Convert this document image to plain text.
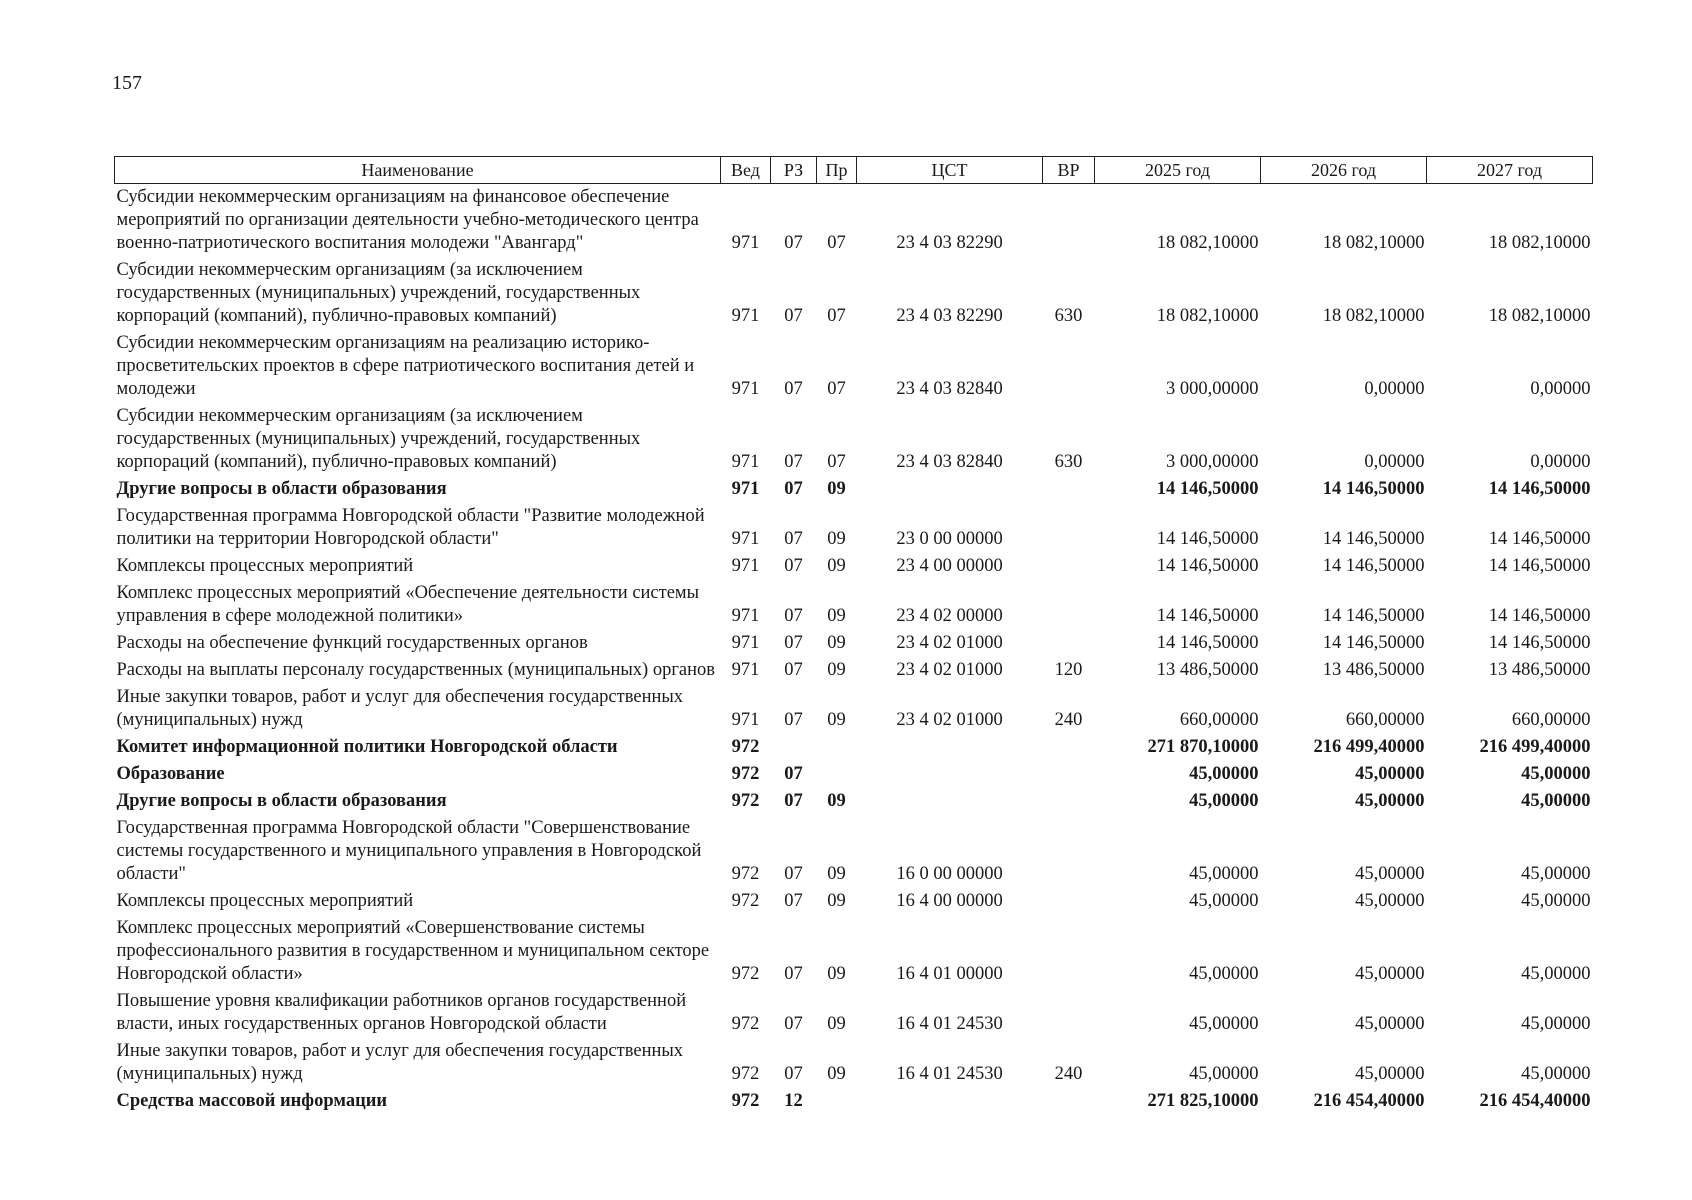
157
Наименование	Вед	РЗ	Пр	ЦСТ	ВР	2025 год	2026 год	2027 год
Субсидии некоммерческим организациям на финансовое обеспечение мероприятий по организации деятельности учебно-методического центра военно-патриотического воспитания молодежи "Авангард"	971	07	07	23 4 03 82290		18 082,10000	18 082,10000	18 082,10000
Субсидии некоммерческим организациям (за исключением государственных (муниципальных) учреждений, государственных корпораций (компаний), публично-правовых компаний)	971	07	07	23 4 03 82290	630	18 082,10000	18 082,10000	18 082,10000
Субсидии некоммерческим организациям на реализацию историко-просветительских проектов в сфере патриотического воспитания детей и молодежи	971	07	07	23 4 03 82840		3 000,00000	0,00000	0,00000
Субсидии некоммерческим организациям (за исключением государственных (муниципальных) учреждений, государственных корпораций (компаний), публично-правовых компаний)	971	07	07	23 4 03 82840	630	3 000,00000	0,00000	0,00000
Другие вопросы в области образования	971	07	09			14 146,50000	14 146,50000	14 146,50000
Государственная программа Новгородской области "Развитие молодежной политики на территории Новгородской области"	971	07	09	23 0 00 00000		14 146,50000	14 146,50000	14 146,50000
Комплексы процессных мероприятий	971	07	09	23 4 00 00000		14 146,50000	14 146,50000	14 146,50000
Комплекс процессных мероприятий «Обеспечение деятельности системы управления в сфере молодежной политики»	971	07	09	23 4 02 00000		14 146,50000	14 146,50000	14 146,50000
Расходы на обеспечение функций государственных органов	971	07	09	23 4 02 01000		14 146,50000	14 146,50000	14 146,50000
Расходы на выплаты персоналу государственных (муниципальных) органов	971	07	09	23 4 02 01000	120	13 486,50000	13 486,50000	13 486,50000
Иные закупки товаров, работ и услуг для обеспечения государственных (муниципальных) нужд	971	07	09	23 4 02 01000	240	660,00000	660,00000	660,00000
Комитет информационной политики Новгородской области	972					271 870,10000	216 499,40000	216 499,40000
Образование	972	07				45,00000	45,00000	45,00000
Другие вопросы в области образования	972	07	09			45,00000	45,00000	45,00000
Государственная программа Новгородской области "Совершенствование системы государственного и муниципального управления в Новгородской области"	972	07	09	16 0 00 00000		45,00000	45,00000	45,00000
Комплексы процессных мероприятий	972	07	09	16 4 00 00000		45,00000	45,00000	45,00000
Комплекс процессных мероприятий «Совершенствование системы профессионального развития в государственном и муниципальном секторе Новгородской области»	972	07	09	16 4 01 00000		45,00000	45,00000	45,00000
Повышение уровня квалификации работников органов государственной власти, иных государственных органов Новгородской области	972	07	09	16 4 01 24530		45,00000	45,00000	45,00000
Иные закупки товаров, работ и услуг для обеспечения государственных (муниципальных) нужд	972	07	09	16 4 01 24530	240	45,00000	45,00000	45,00000
Средства массовой информации	972	12				271 825,10000	216 454,40000	216 454,40000
